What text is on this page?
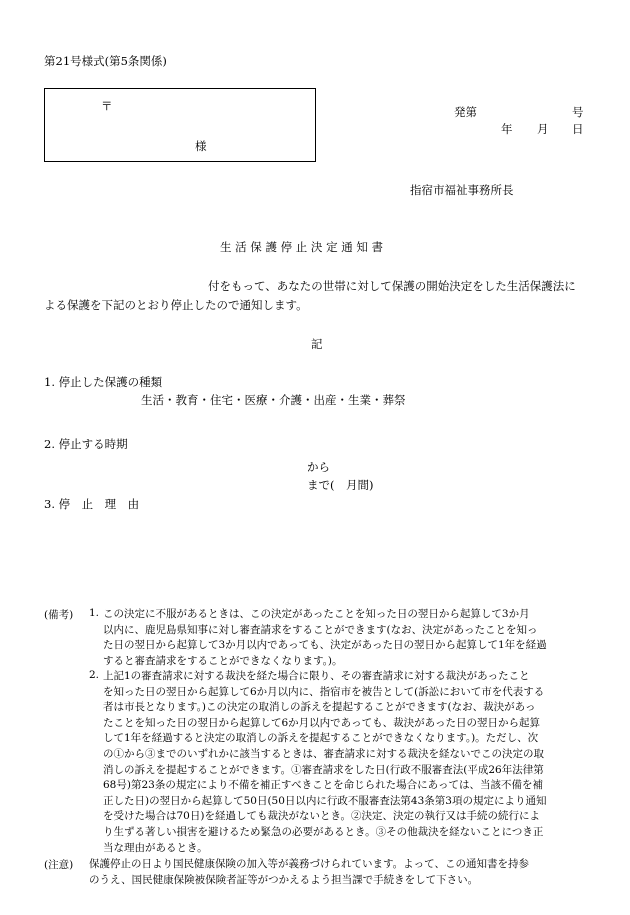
第21号様式(第5条関係)
〒
様
発第	号
年 月 日
指宿市福祉事務所長
生 活 保 護 停 止 決 定 通 知 書
付をもって、あなたの世帯に対して保護の開始決定をした生活保護法に
よる保護を下記のとおり停止したので通知します。
記
1. 停止した保護の種類
生活・教育・住宅・医療・介護・出産・生業・葬祭
2. 停止する時期
から
まで(　月間)
3. 停　止　理　由
(備考) 1. この決定に不服があるときは、この決定があったことを知った日の翌日から起算して3か月
以内に、鹿児島県知事に対し審査請求をすることができます(なお、決定があったことを知っ
た日の翌日から起算して3か月以内であっても、決定があった日の翌日から起算して1年を経過
すると審査請求をすることができなくなります。)。
2. 上記1の審査請求に対する裁決を経た場合に限り、その審査請求に対する裁決があったこと
を知った日の翌日から起算して6か月以内に、指宿市を被告として(訴訟において市を代表する
者は市長となります。)この決定の取消しの訴えを提起することができます(なお、裁決があっ
たことを知った日の翌日から起算して6か月以内であっても、裁決があった日の翌日から起算
して1年を経過すると決定の取消しの訴えを提起することができなくなります。)。ただし、次
の①から③までのいずれかに該当するときは、審査請求に対する裁決を経ないでこの決定の取
消しの訴えを提起することができます。①審査請求をした日(行政不服審査法(平成26年法律第
68号)第23条の規定により不備を補正すべきことを命じられた場合にあっては、当該不備を補
正した日)の翌日から起算して50日(50日以内に行政不服審査法第43条第3項の規定により通知
を受けた場合は70日)を経過しても裁決がないとき。②決定、決定の執行又は手続の続行によ
り生ずる著しい損害を避けるため緊急の必要があるとき。③その他裁決を経ないことにつき正
当な理由があるとき。
(注意) 保護停止の日より国民健康保険の加入等が義務づけられています。よって、この通知書を持参
のうえ、国民健康保険被保険者証等がつかえるよう担当課で手続きをして下さい。
